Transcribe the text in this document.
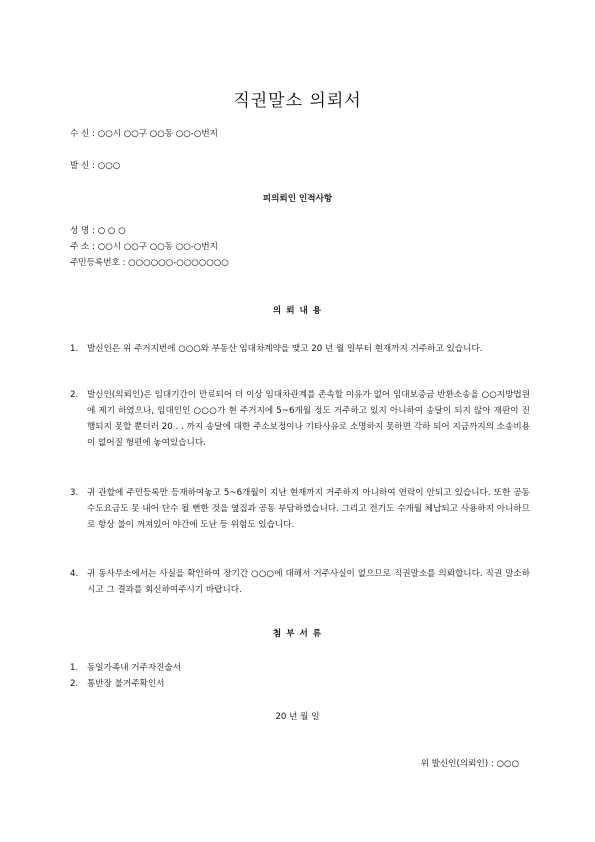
직권말소 의뢰서
수 신 : ○○시 ○○구 ○○동 ○○-○번지
발 신 : ○○○
피의뢰인 인적사항
성 명 : ○ ○ ○
주 소 : ○○시 ○○구 ○○동 ○○-○번지
주민등록번호 : ○○○○○○-○○○○○○○
의 뢰 내 용
1. 발신인은 위 주거지번에 ○○○와 부동산 임대차계약을 맺고 20 년 월 일부터 현재까지 거주하고 있습니다.
2. 발신인(의뢰인)은 임대기간이 만료되어 더 이상 임대차관계를 존속할 이유가 없어 임대보증금 반환소송을 ○○지방법원에 제기 하였으나, 임대인인 ○○○가 현 주거지에 5~6개월 정도 거주하고 있지 아니하여 송달이 되지 않아 재판이 진행되지 못할 뿐더러 20 . . 까지 송달에 대한 주소보정이나 기타사유로 소명하지 못하면 각하 되어 지금까지의 소송비용이 없어질 형편에 놓여있습니다.
3. 귀 관할에 주민등록만 등재하여놓고 5~6개월이 지난 현재까지 거주하지 아니하여 연락이 안되고 있습니다. 또한 공동수도요금도 못 내어 단수 될 뻔한 것을 옆집과 공동 부담하였습니다. 그리고 전기도 수개월 체납되고 사용하지 아니하므로 항상 불이 꺼져있어 야간에 도난 등 위험도 있습니다.
4. 귀 동사무소에서는 사실을 확인하여 장기간 ○○○에 대해서 거주사실이 없으므로 직권말소를 의뢰합니다. 직권 말소하시고 그 결과를 회신하여주시기 바랍니다.
첨 부 서 류
1. 동일가족내 거주자진술서
2. 통반장 불거주확인서
20 년 월 일
위 발신인(의뢰인) : ○○○
